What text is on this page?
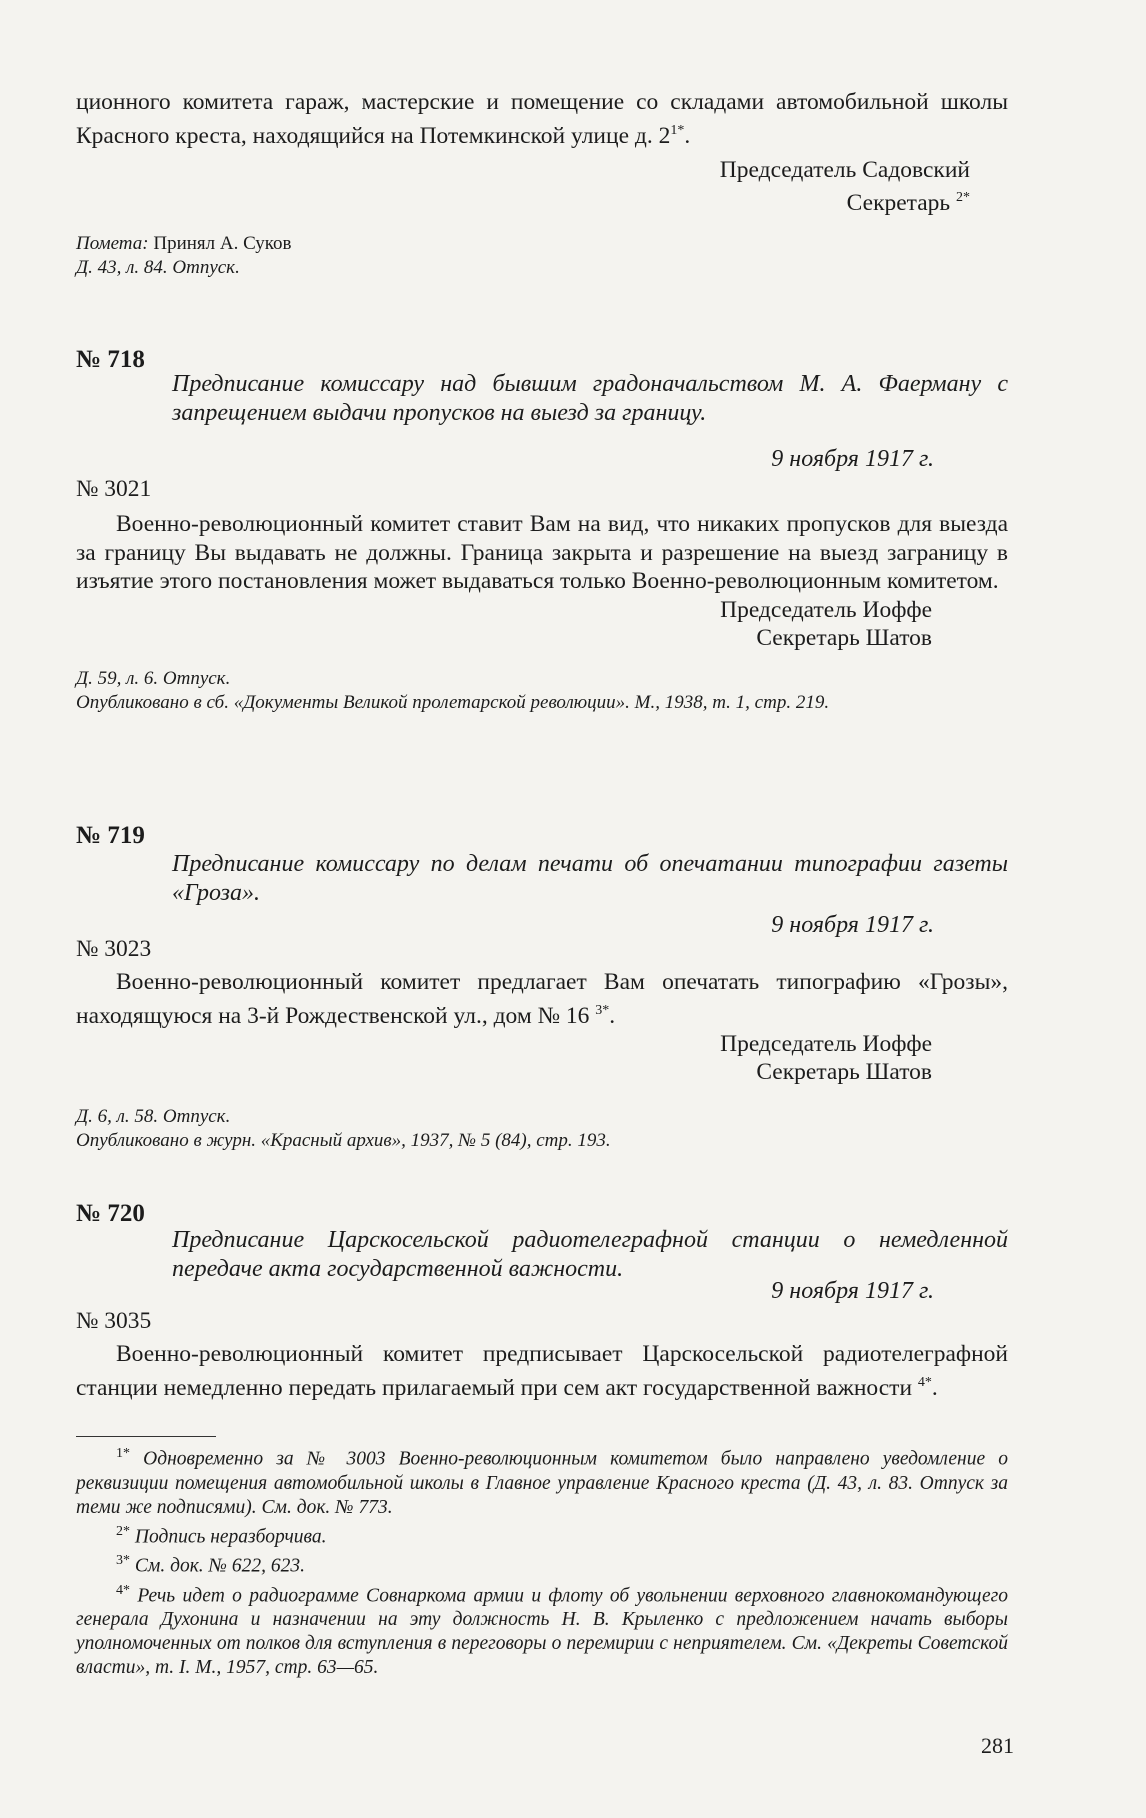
ционного комитета гараж, мастерские и помещение со складами автомобильной школы Красного креста, находящийся на Потемкинской улице д. $2^{1*}$.

Председатель Садовский

Секретарь $^{2*}$

Помета: Принял А. Суков

Д. 43, л. 84. Отпуск.

№ 718

Предписание комиссару над бывшим градоначальством М. А. Фаерману с запрещением выдачи пропусков на выезд за границу.

9 ноября 1917 г.
№ 3021

Военно-революционный комитет ставит Вам на вид, что никаких пропусков для выезда за границу Вы выдавать не должны. Граница закрыта и разрешение на выезд заграницу в изъятие этого постановления может выдаваться только Военно-революционным комитетом.

Председатель Иоффе

Секретарь Шатов

Д. 59, л. 6. Отпуск.

Опубликовано в сб. «Документы Великой пролетарской революции». М., 1938, т. 1, стр. 219.

№ 719

Предписание комиссару по делам печати об опечатании типографии газеты «Гроза».

9 ноября 1917 г.
№ 3023

Военно-революционный комитет предлагает Вам опечатать типографию «Грозы», находящуюся на 3-й Рождественской ул., дом № 16 $^{3*}$.

Председатель Иоффе

Секретарь Шатов

Д. 6, л. 58. Отпуск.

Опубликовано в журн. «Красный архив», 1937, № 5 (84), стр. 193.

№ 720

Предписание Царскосельской радиотелеграфной станции о немедленной передаче акта государственной важности.

9 ноября 1917 г.
№ 3035

Военно-революционный комитет предписывает Царскосельской радиотелеграфной станции немедленно передать прилагаемый при сем акт государственной важности $^{4*}$.

$^{1*}$ Одновременно за № 3003 Военно-революционным комитетом было направлено уведомление о реквизиции помещения автомобильной школы в Главное управление Красного креста (Д. 43, л. 83. Отпуск за теми же подписями). См. док. № 773.

$^{2*}$ Подпись неразборчива.

$^{3*}$ См. док. № 622, 623.

$^{4*}$ Речь идет о радиограмме Совнаркома армии и флоту об увольнении верховного главнокомандующего генерала Духонина и назначении на эту должность Н. В. Крыленко с предложением начать выборы уполномоченных от полков для вступления в переговоры о перемирии с неприятелем. См. «Декреты Советской власти», т. I. М., 1957, стр. 63—65.

281
